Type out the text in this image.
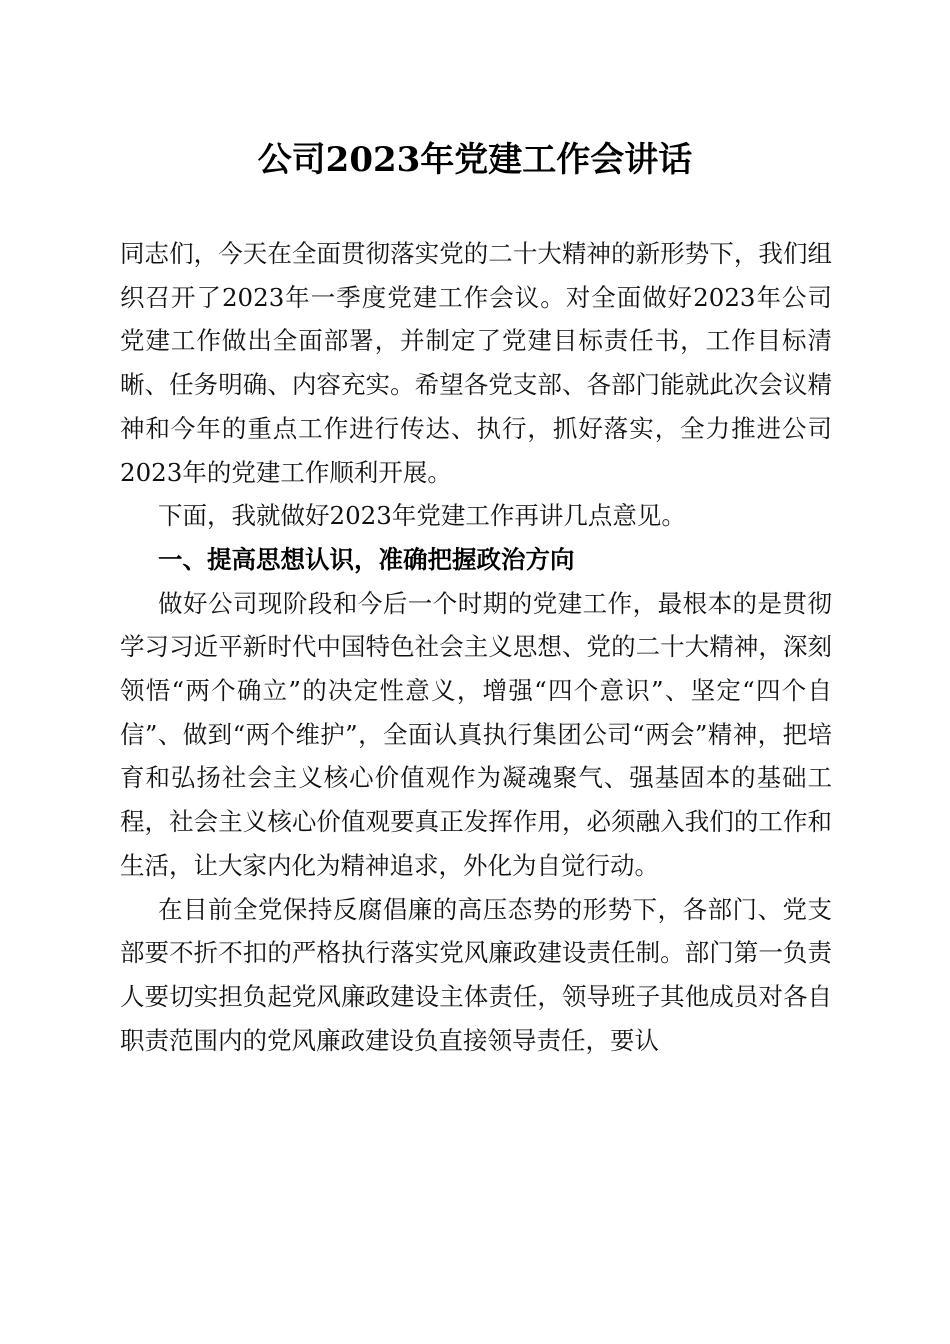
公司2023年党建工作会讲话

同志们，今天在全面贯彻落实党的二十大精神的新形势下，我们组织召开了2023年一季度党建工作会议。对全面做好2023年公司党建工作做出全面部署，并制定了党建目标责任书，工作目标清晰、任务明确、内容充实。希望各党支部、各部门能就此次会议精神和今年的重点工作进行传达、执行，抓好落实，全力推进公司2023年的党建工作顺利开展。

下面，我就做好2023年党建工作再讲几点意见。

一、提高思想认识，准确把握政治方向

做好公司现阶段和今后一个时期的党建工作，最根本的是贯彻学习习近平新时代中国特色社会主义思想、党的二十大精神，深刻领悟“两个确立”的决定性意义，增强“四个意识”、坚定“四个自信”、做到“两个维护”，全面认真执行集团公司“两会”精神，把培育和弘扬社会主义核心价值观作为凝魂聚气、强基固本的基础工程，社会主义核心价值观要真正发挥作用，必须融入我们的工作和生活，让大家内化为精神追求，外化为自觉行动。

在目前全党保持反腐倡廉的高压态势的形势下，各部门、党支部要不折不扣的严格执行落实党风廉政建设责任制。部门第一负责人要切实担负起党风廉政建设主体责任，领导班子其他成员对各自职责范围内的党风廉政建设负直接领导责任，要认
